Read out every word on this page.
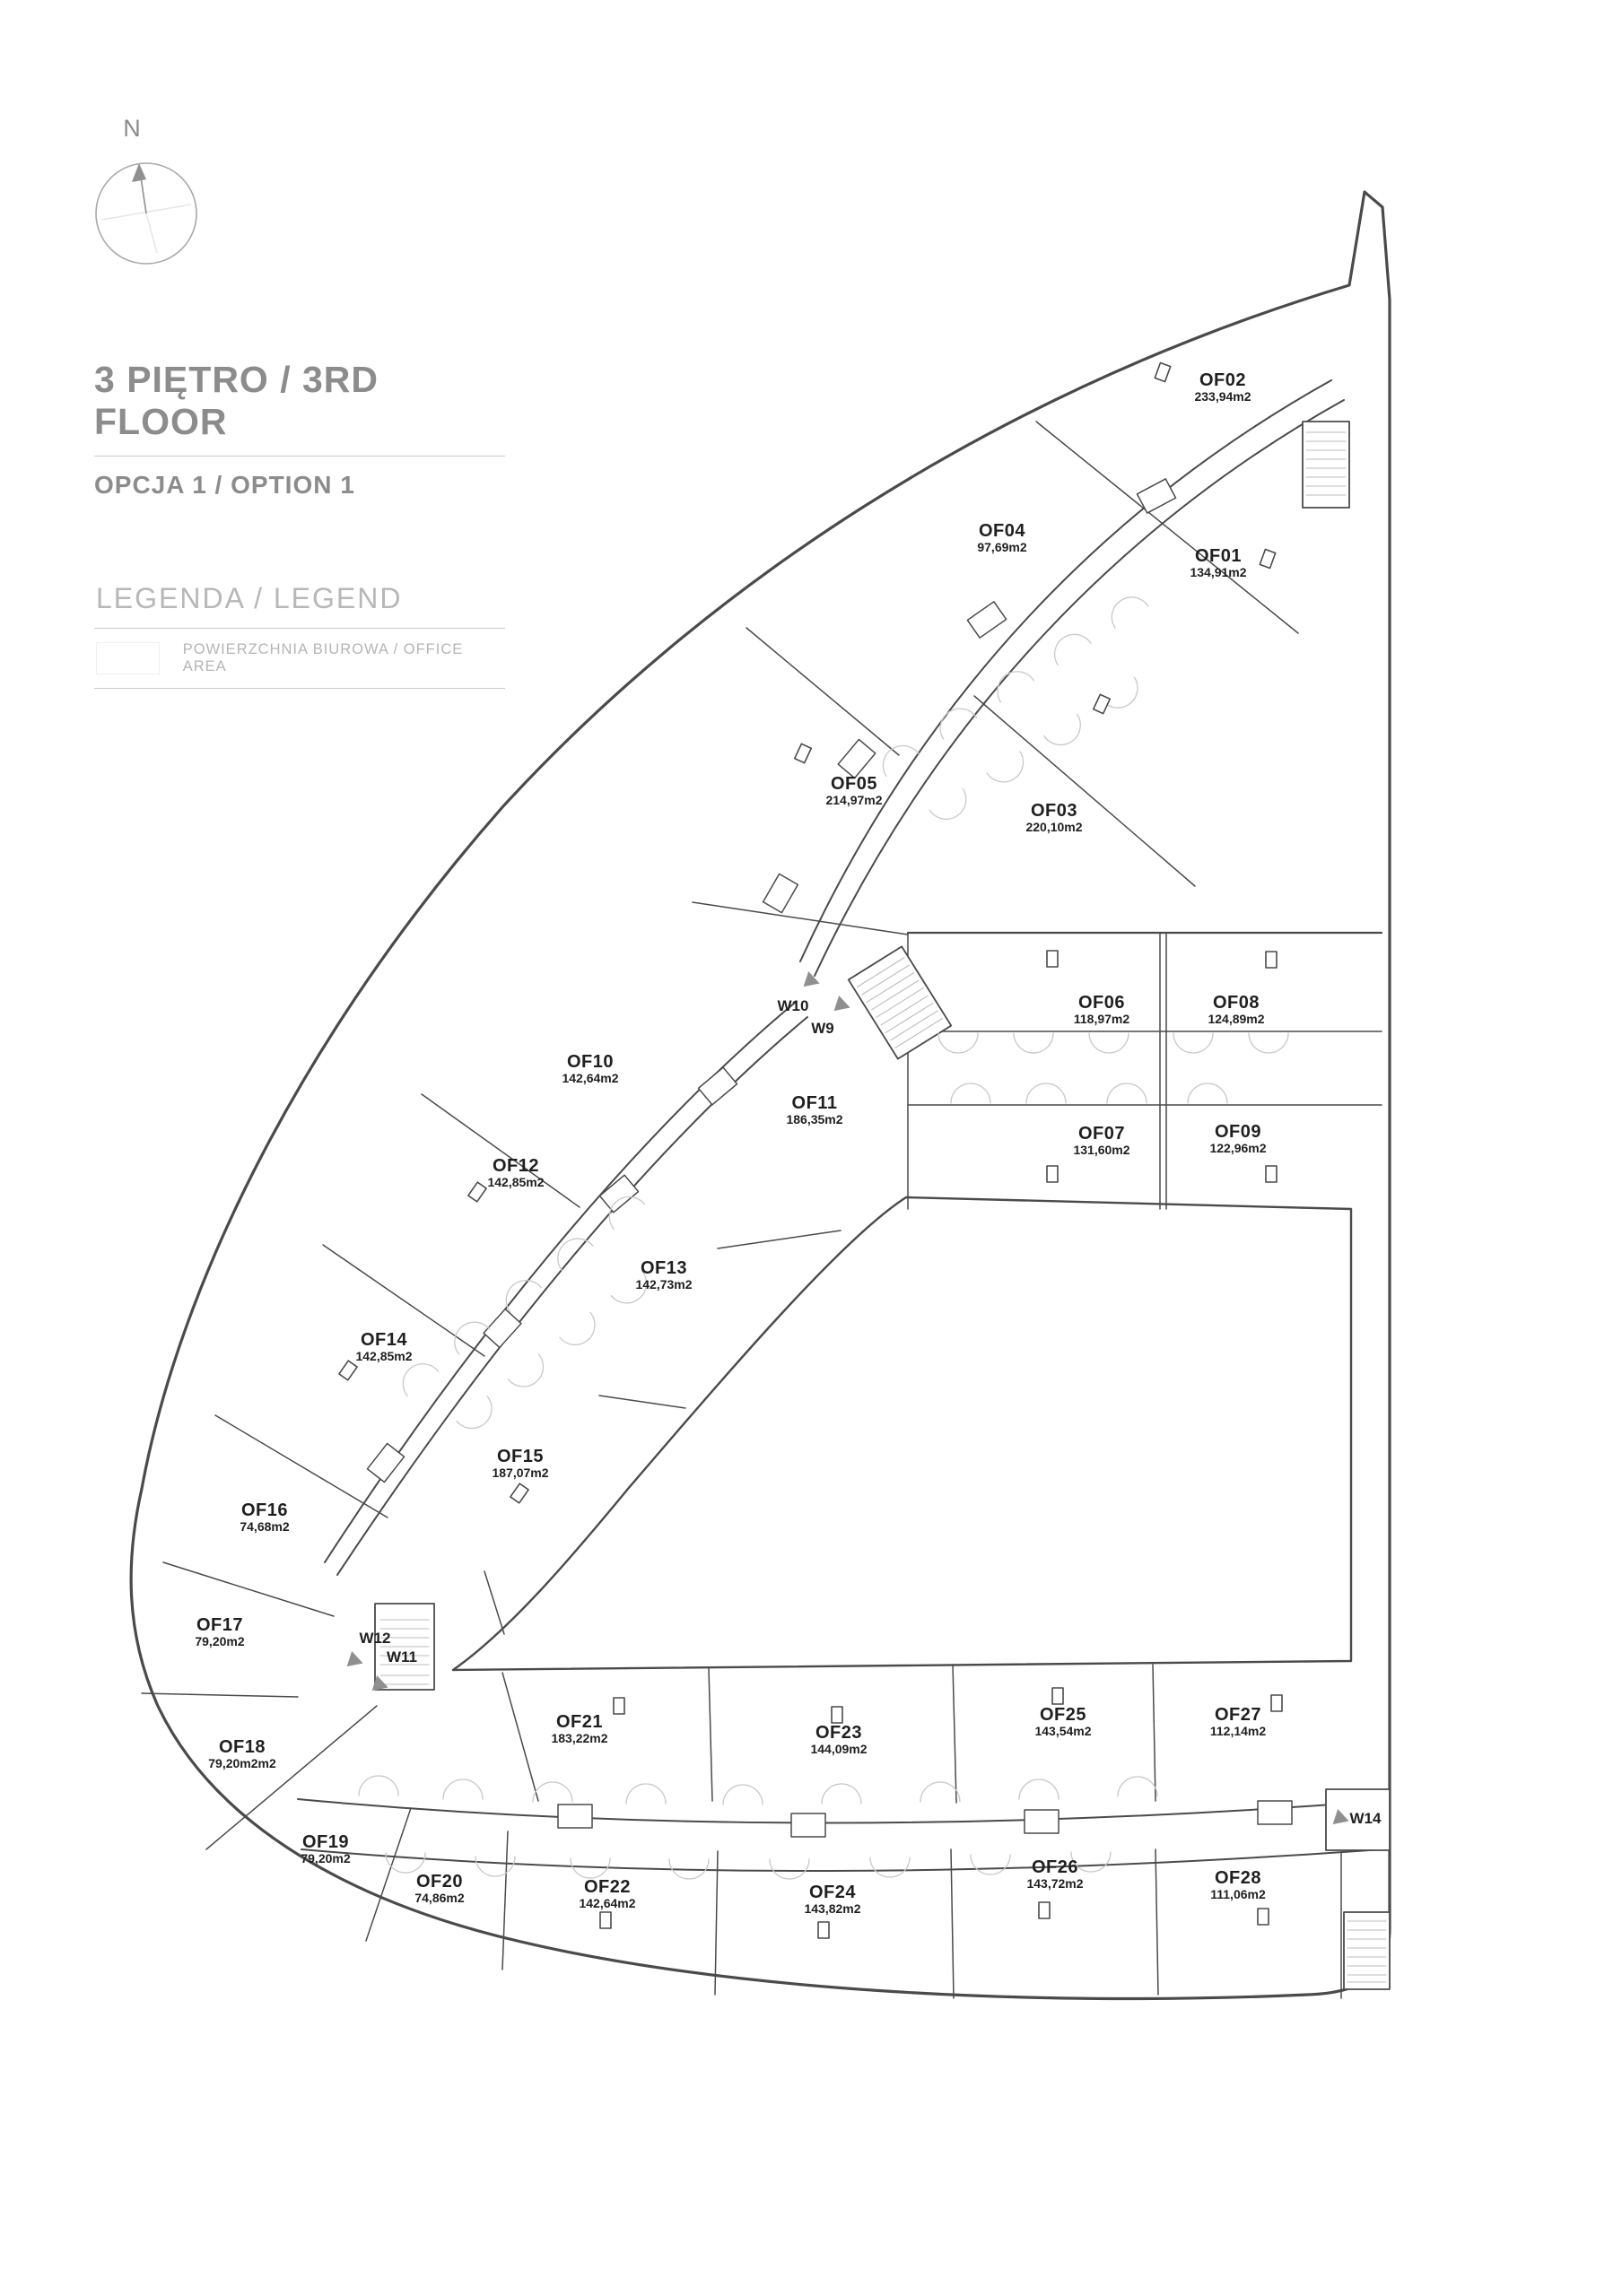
N
3 PIĘTRO / 3RD FLOOR
OPCJA 1 / OPTION 1
LEGENDA / LEGEND
POWIERZCHNIA BIUROWA / OFFICE AREA
OF01
134,91m2
OF02
233,94m2
OF03
220,10m2
OF04
97,69m2
OF05
214,97m2
OF06
118,97m2
OF07
131,60m2
OF08
124,89m2
OF09
122,96m2
OF10
142,64m2
OF11
186,35m2
OF12
142,85m2
OF13
142,73m2
OF14
142,85m2
OF15
187,07m2
OF16
74,68m2
OF17
79,20m2
OF18
79,20m2m2
OF19
79,20m2
OF20
74,86m2
OF21
183,22m2
OF22
142,64m2
OF23
144,09m2
OF24
143,82m2
OF25
143,54m2
OF26
143,72m2
OF27
112,14m2
OF28
111,06m2
W9
W10
W11
W12
W14
